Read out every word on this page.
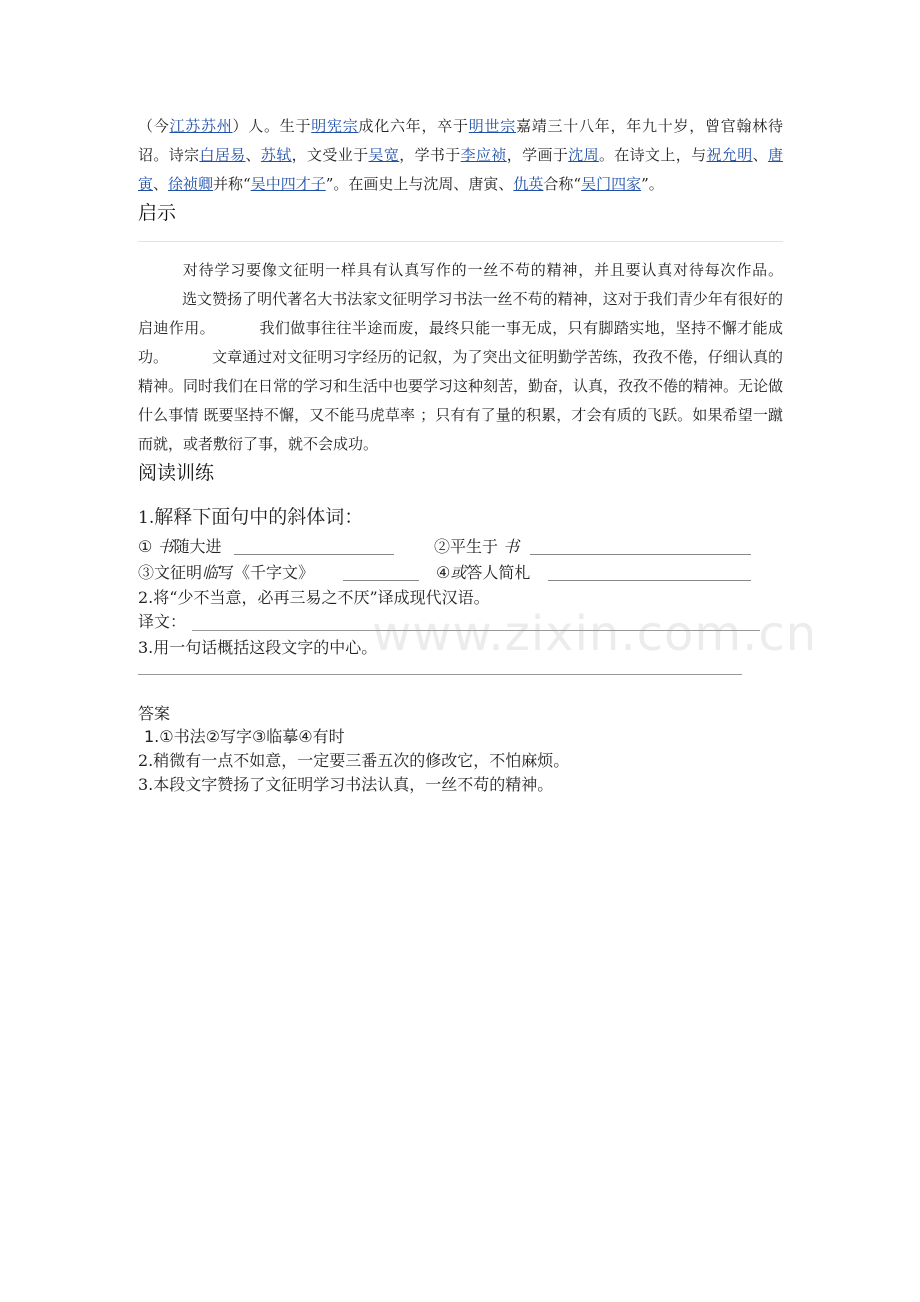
www.zixin.com.cn

（今江苏苏州）人。生于明宪宗成化六年，卒于明世宗嘉靖三十八年，年九十岁，曾官翰林待诏。诗宗白居易、苏轼，文受业于吴宽，学书于李应祯，学画于沈周。在诗文上，与祝允明、唐寅、徐祯卿并称“吴中四才子”。在画史上与沈周、唐寅、仇英合称“吴门四家”。

启示

对待学习要像文征明一样具有认真写作的一丝不苟的精神，并且要认真对待每次作品。选文赞扬了明代著名大书法家文征明学习书法一丝不苟的精神，这对于我们青少年有很好的启迪作用。	我们做事往往半途而废，最终只能一事无成，只有脚踏实地，坚持不懈才能成功。	文章通过对文征明习字经历的记叙，为了突出文征明勤学苦练，孜孜不倦，仔细认真的精神。同时我们在日常的学习和生活中也要学习这种刻苦，勤奋，认真，孜孜不倦的精神。无论做什么事情 既要坚持不懈，又不能马虎草率 ；只有有了量的积累，才会有质的飞跃。如果希望一蹴而就，或者敷衍了事，就不会成功。

阅读训练
1.解释下面句中的斜体词：
① 书随大进	②平生于 书
③文征明临写《千字文》	④或答人简札
2.将“少不当意，必再三易之不厌”译成现代汉语。
译文：
3.用一句话概括这段文字的中心。
答案
1.①书法②写字③临摹④有时
2.稍微有一点不如意，一定要三番五次的修改它，不怕麻烦。
3.本段文字赞扬了文征明学习书法认真，一丝不苟的精神。
